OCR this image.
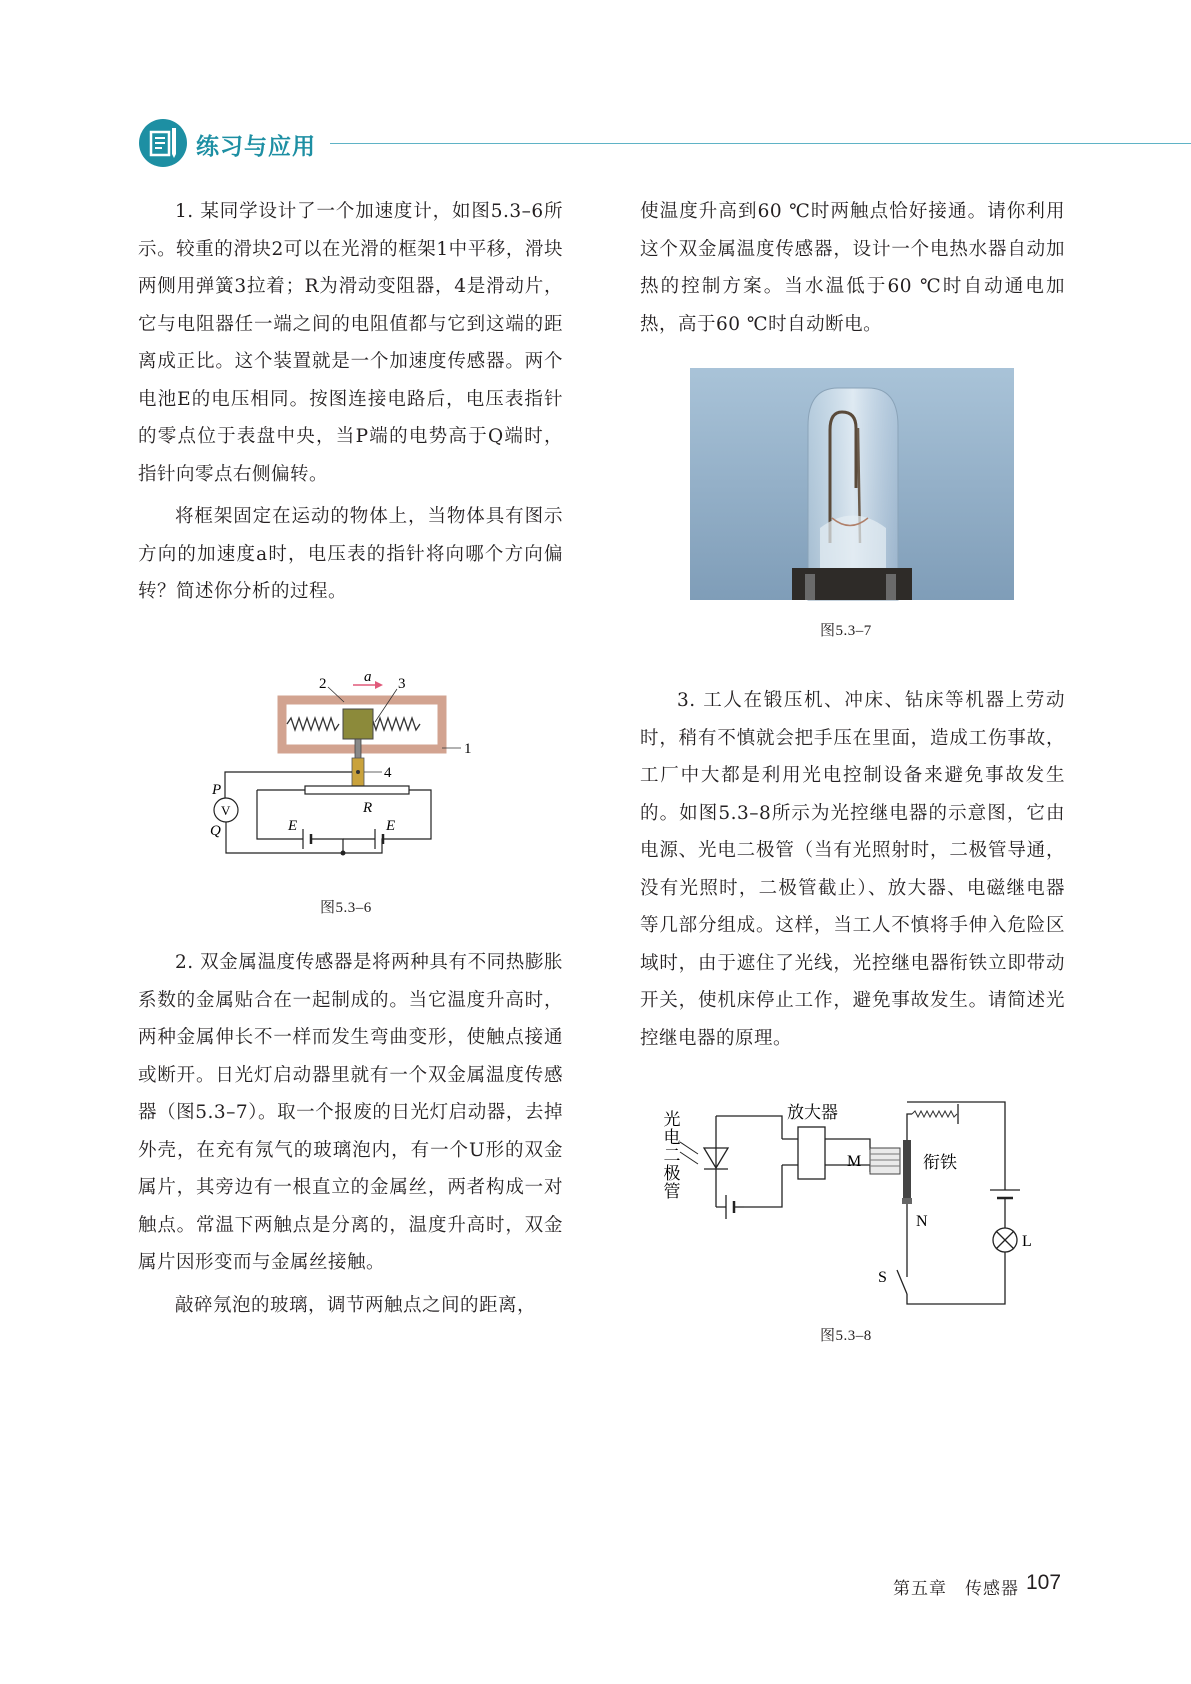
练习与应用

1. 某同学设计了一个加速度计，如图5.3–6所示。较重的滑块2可以在光滑的框架1中平移，滑块两侧用弹簧3拉着；R为滑动变阻器，4是滑动片，它与电阻器任一端之间的电阻值都与它到这端的距离成正比。这个装置就是一个加速度传感器。两个电池E的电压相同。按图连接电路后，电压表指针的零点位于表盘中央，当P端的电势高于Q端时，指针向零点右侧偏转。

将框架固定在运动的物体上，当物体具有图示方向的加速度a时，电压表的指针将向哪个方向偏转？简述你分析的过程。

2	a 3
1
4
R
V
P
Q	E	E
图5.3–6

2. 双金属温度传感器是将两种具有不同热膨胀系数的金属贴合在一起制成的。当它温度升高时，两种金属伸长不一样而发生弯曲变形，使触点接通或断开。日光灯启动器里就有一个双金属温度传感器（图5.3–7）。取一个报废的日光灯启动器，去掉外壳，在充有氖气的玻璃泡内，有一个U形的双金属片，其旁边有一根直立的金属丝，两者构成一对触点。常温下两触点是分离的，温度升高时，双金属片因形变而与金属丝接触。

敲碎氖泡的玻璃，调节两触点之间的距离，

使温度升高到60 ℃时两触点恰好接通。请你利用这个双金属温度传感器，设计一个电热水器自动加热的控制方案。当水温低于60 ℃时自动通电加热，高于60 ℃时自动断电。

图5.3–7

3. 工人在锻压机、冲床、钻床等机器上劳动时，稍有不慎就会把手压在里面，造成工伤事故，工厂中大都是利用光电控制设备来避免事故发生的。如图5.3–8所示为光控继电器的示意图，它由电源、光电二极管（当有光照射时，二极管导通，没有光照时，二极管截止）、放大器、电磁继电器等几部分组成。这样，当工人不慎将手伸入危险区域时，由于遮住了光线，光控继电器衔铁立即带动开关，使机床停止工作，避免事故发生。请简述光控继电器的原理。

光电二极管	放大器
M	衔铁
N
L
S
图5.3–8
第五章　传感器 107
